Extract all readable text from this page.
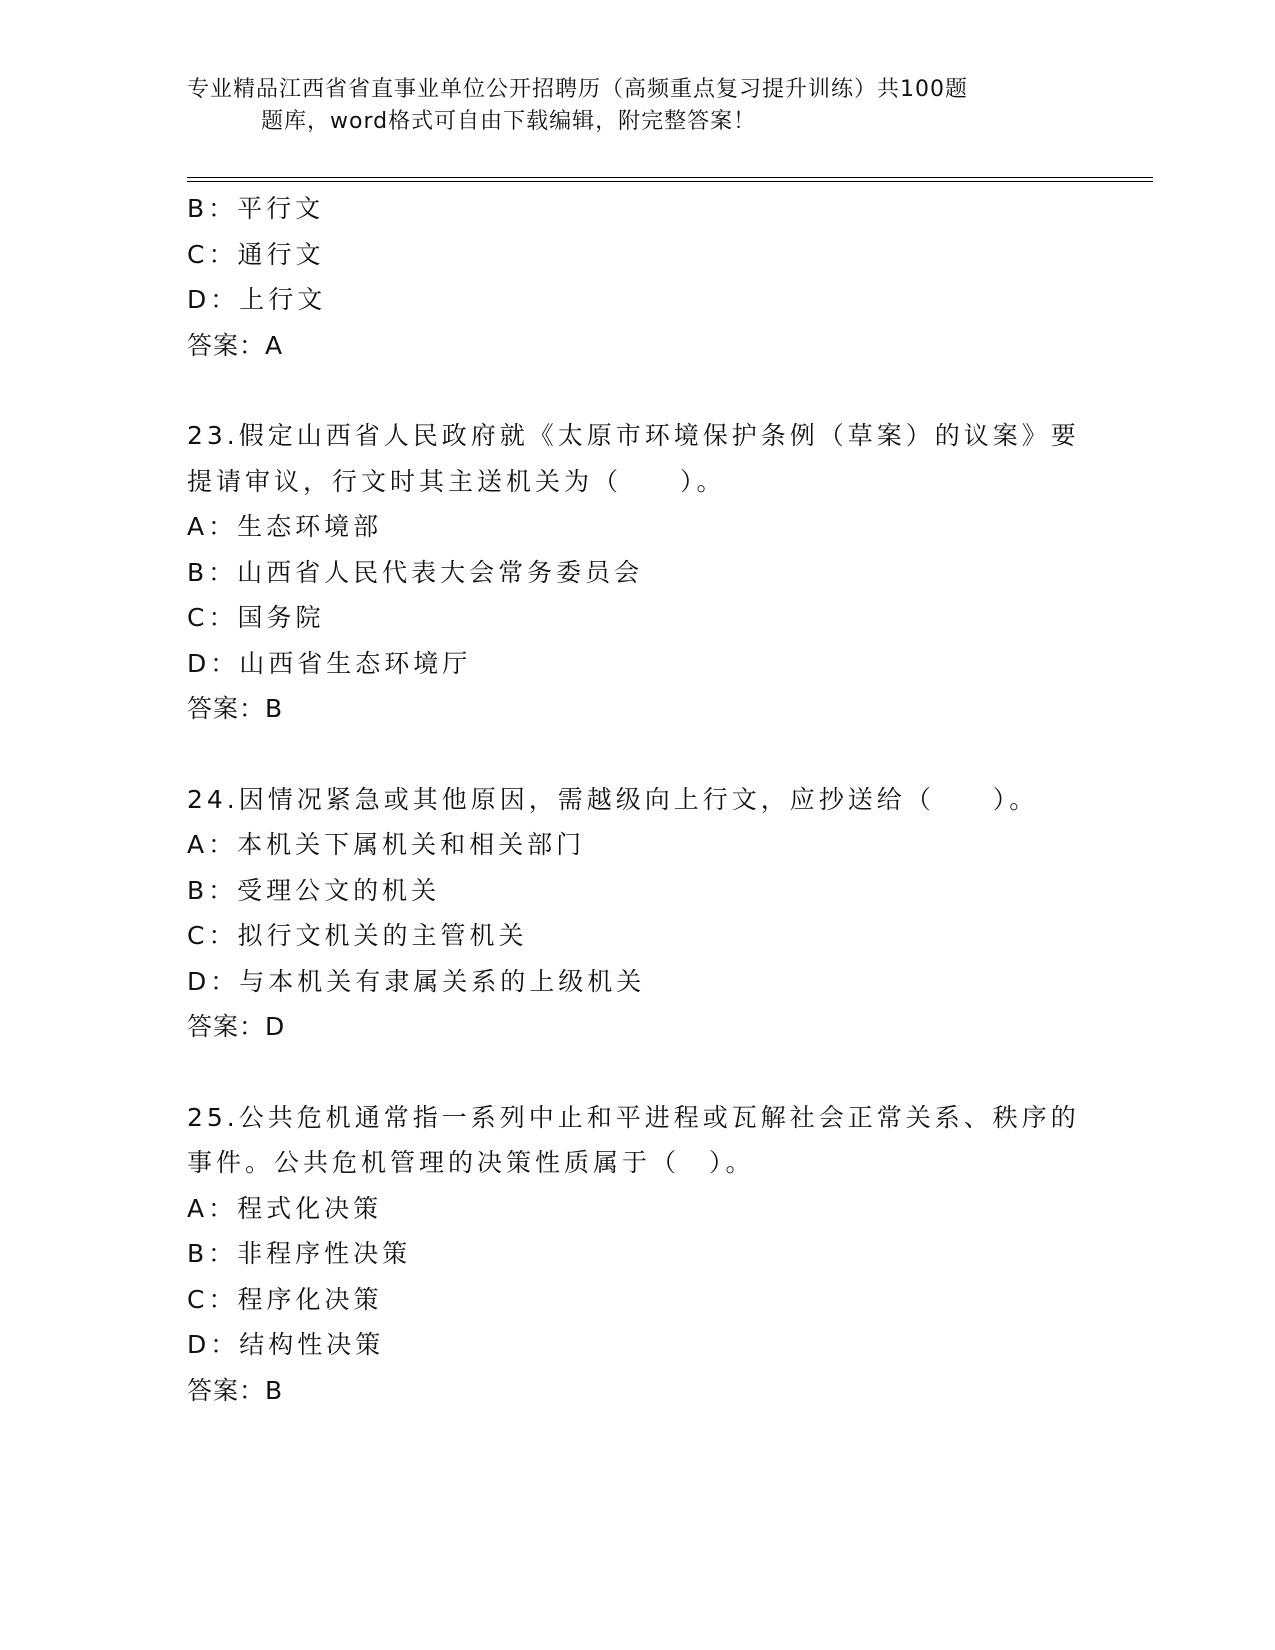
专业精品江西省省直事业单位公开招聘历（高频重点复习提升训练）共100题
题库，word格式可自由下载编辑，附完整答案！
B：平行文
C：通行文
D：上行文
答案：A
23.假定山西省人民政府就《太原市环境保护条例（草案）的议案》要
提请审议，行文时其主送机关为（　　）。
A：生态环境部
B：山西省人民代表大会常务委员会
C：国务院
D：山西省生态环境厅
答案：B
24.因情况紧急或其他原因，需越级向上行文，应抄送给（　　）。
A：本机关下属机关和相关部门
B：受理公文的机关
C：拟行文机关的主管机关
D：与本机关有隶属关系的上级机关
答案：D
25.公共危机通常指一系列中止和平进程或瓦解社会正常关系、秩序的
事件。公共危机管理的决策性质属于（　）。
A：程式化决策
B：非程序性决策
C：程序化决策
D：结构性决策
答案：B
